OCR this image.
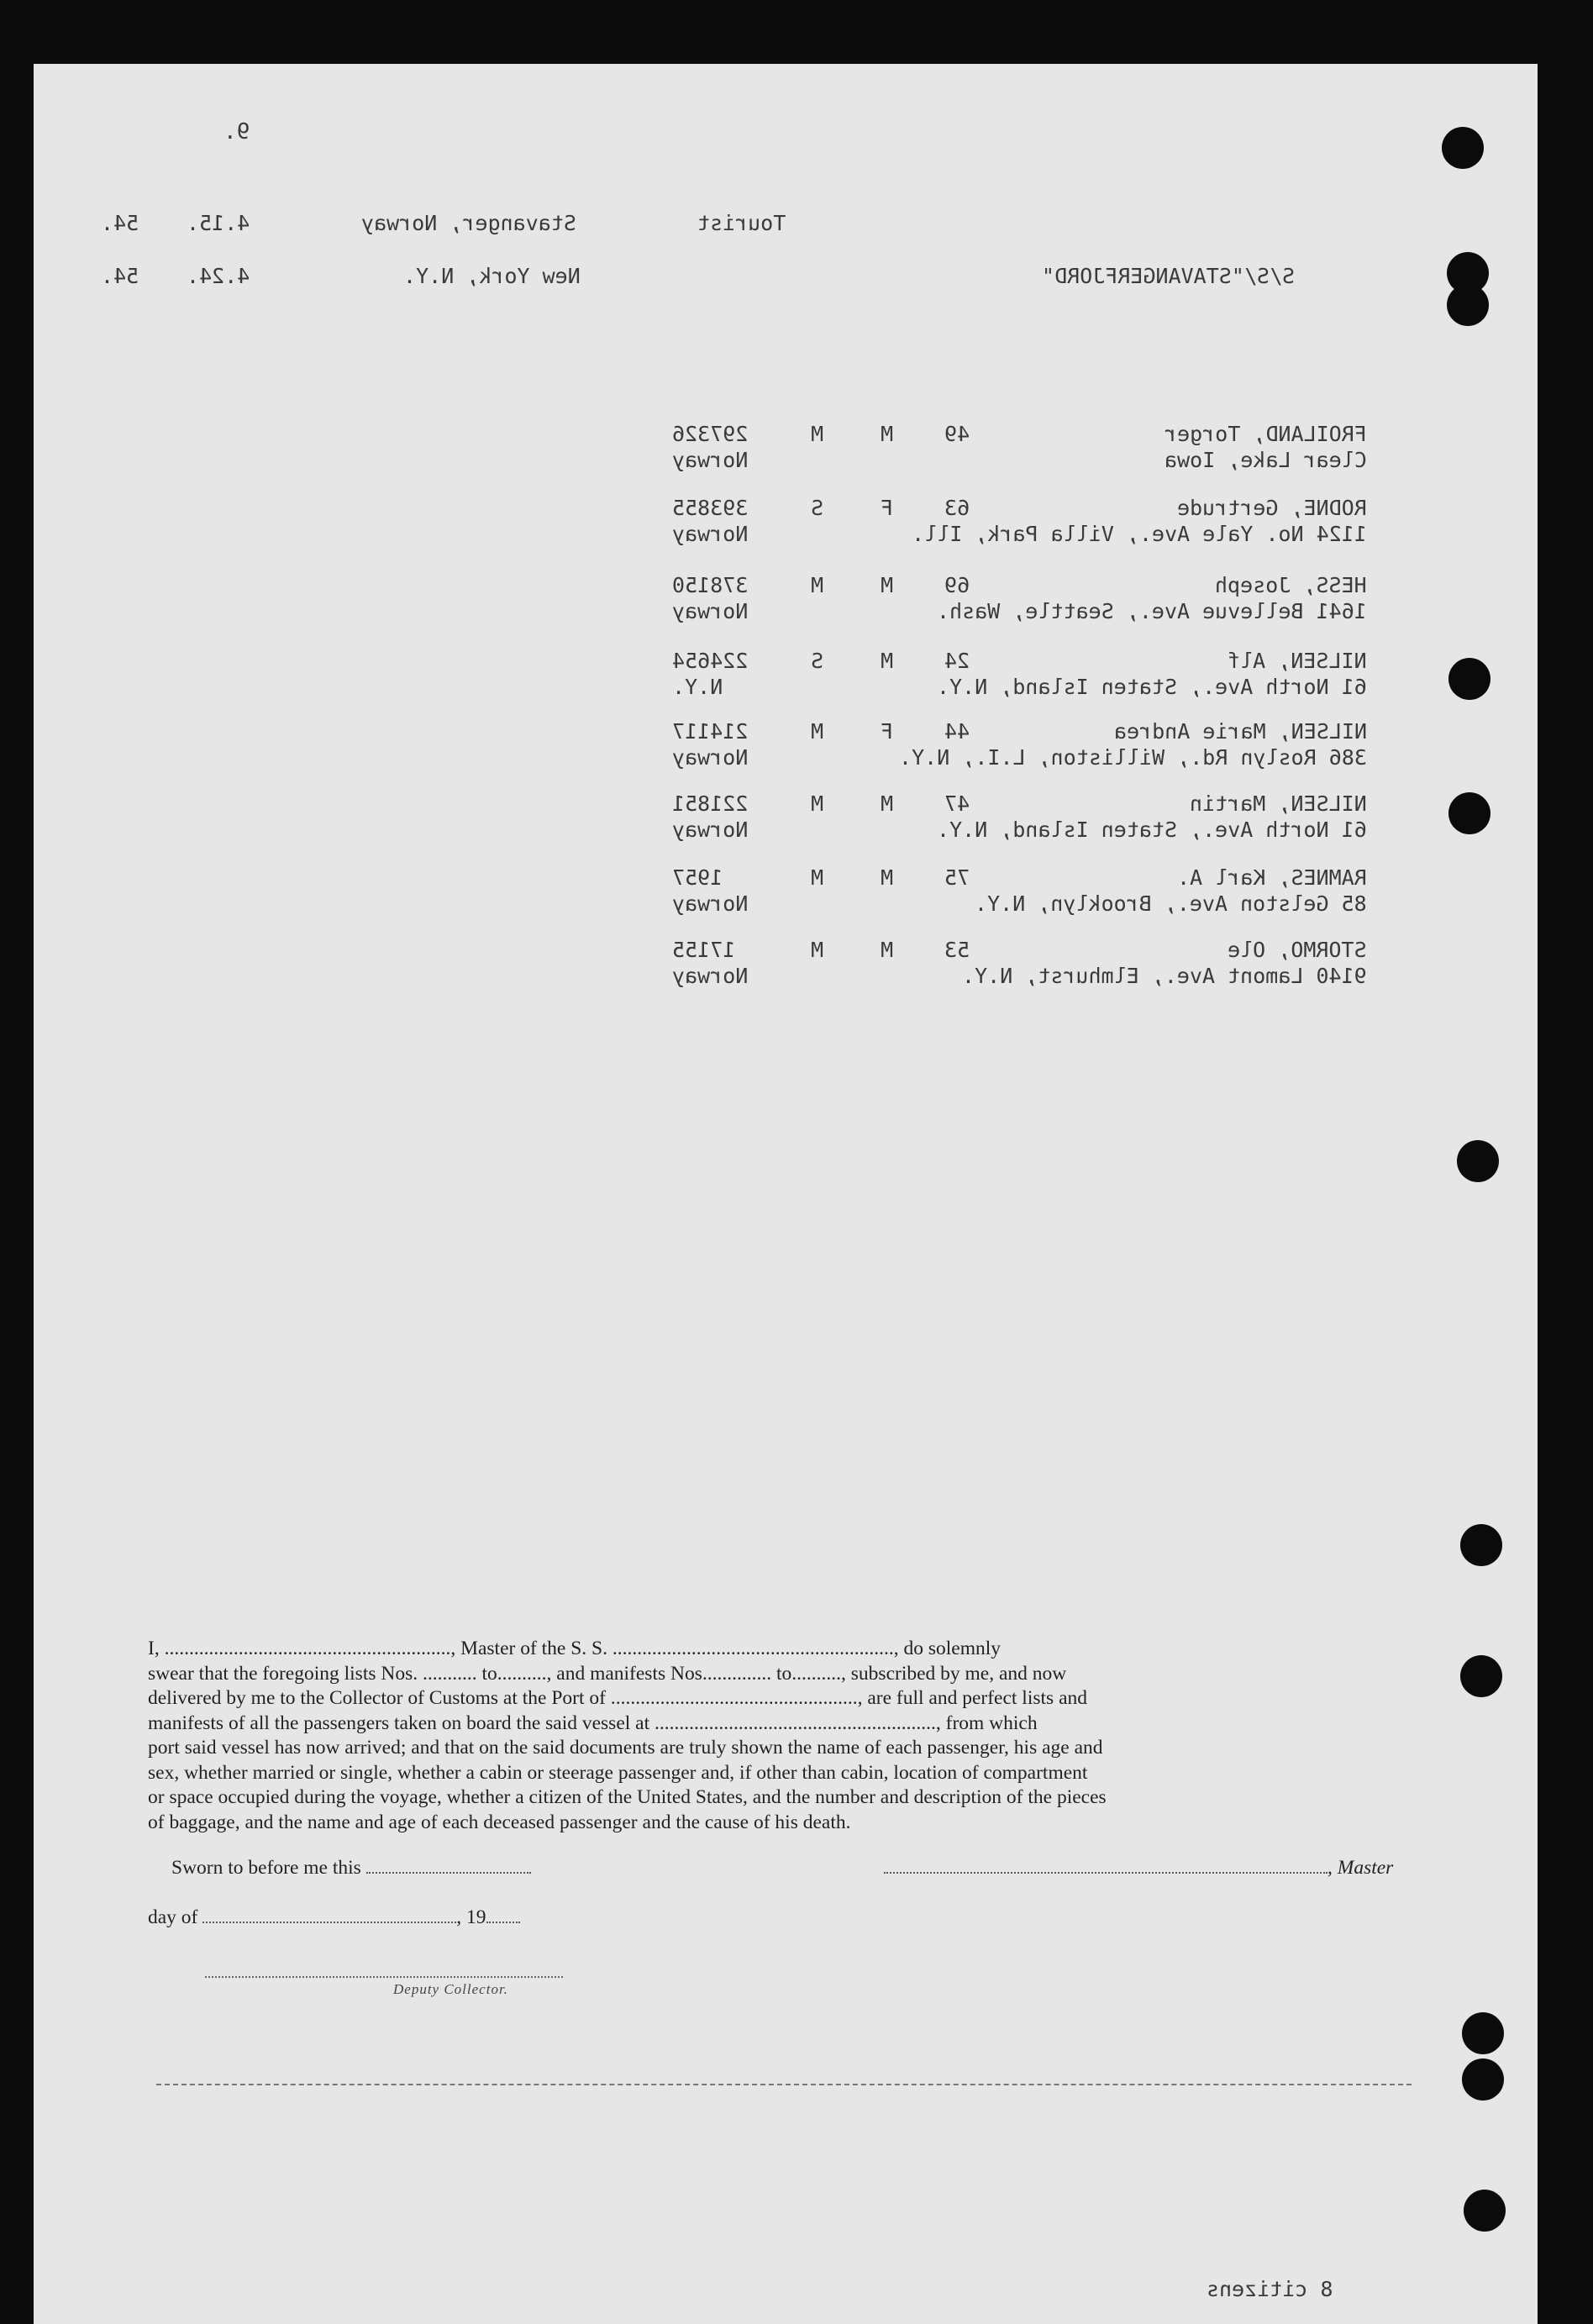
9.
Tourist
Stavanger, Norway
4.15.
54.
S/S/"STAVANGERFJORD"
New York, N.Y.
4.24.
54.
FROILAND, Torger
49
M
M
297326
Clear Lake, Iowa
Norway
RODNE, Gertrude
63
F
S
393855
1124 No. Yale Ave., Villa Park, Ill.
Norway
HESS, Joseph
69
M
M
378150
1641 Bellevue Ave., Seattle, Wash.
Norway
NILSEN, Alf
24
M
S
224654
61 North Ave., Staten Island, N.Y.
N.Y.
NILSEN, Marie Andrea
44
F
M
214117
386 Roslyn Rd., Williston, L.I., N.Y.
Norway
NILSEN, Martin
47
M
M
221851
61 North Ave., Staten Island, N.Y.
Norway
RAMNES, Karl A.
75
M
M
1957
85 Gelston Ave., Brooklyn, N.Y.
Norway
STORMO, Ole
53
M
M
17155
9140 Lamont Ave., Elmhurst, N.Y.
Norway

I, .........................................................., Master of the S. S. ........................................................., do solemnly

swear that the foregoing lists Nos. ........... to.........., and manifests Nos.............. to.........., subscribed by me, and now

delivered by me to the Collector of Customs at the Port of .................................................., are full and perfect lists and

manifests of all the passengers taken on board the said vessel at ........................................................., from which

port said vessel has now arrived; and that on the said documents are truly shown the name of each passenger, his age and

sex, whether married or single, whether a cabin or steerage passenger and, if other than cabin, location of compartment

or space occupied during the voyage, whether a citizen of the United States, and the number and description of the pieces

of baggage, and the name and age of each deceased passenger and the cause of his death.

Sworn to before me this	, Master
day of	, 19
Deputy Collector.
8 citizens
